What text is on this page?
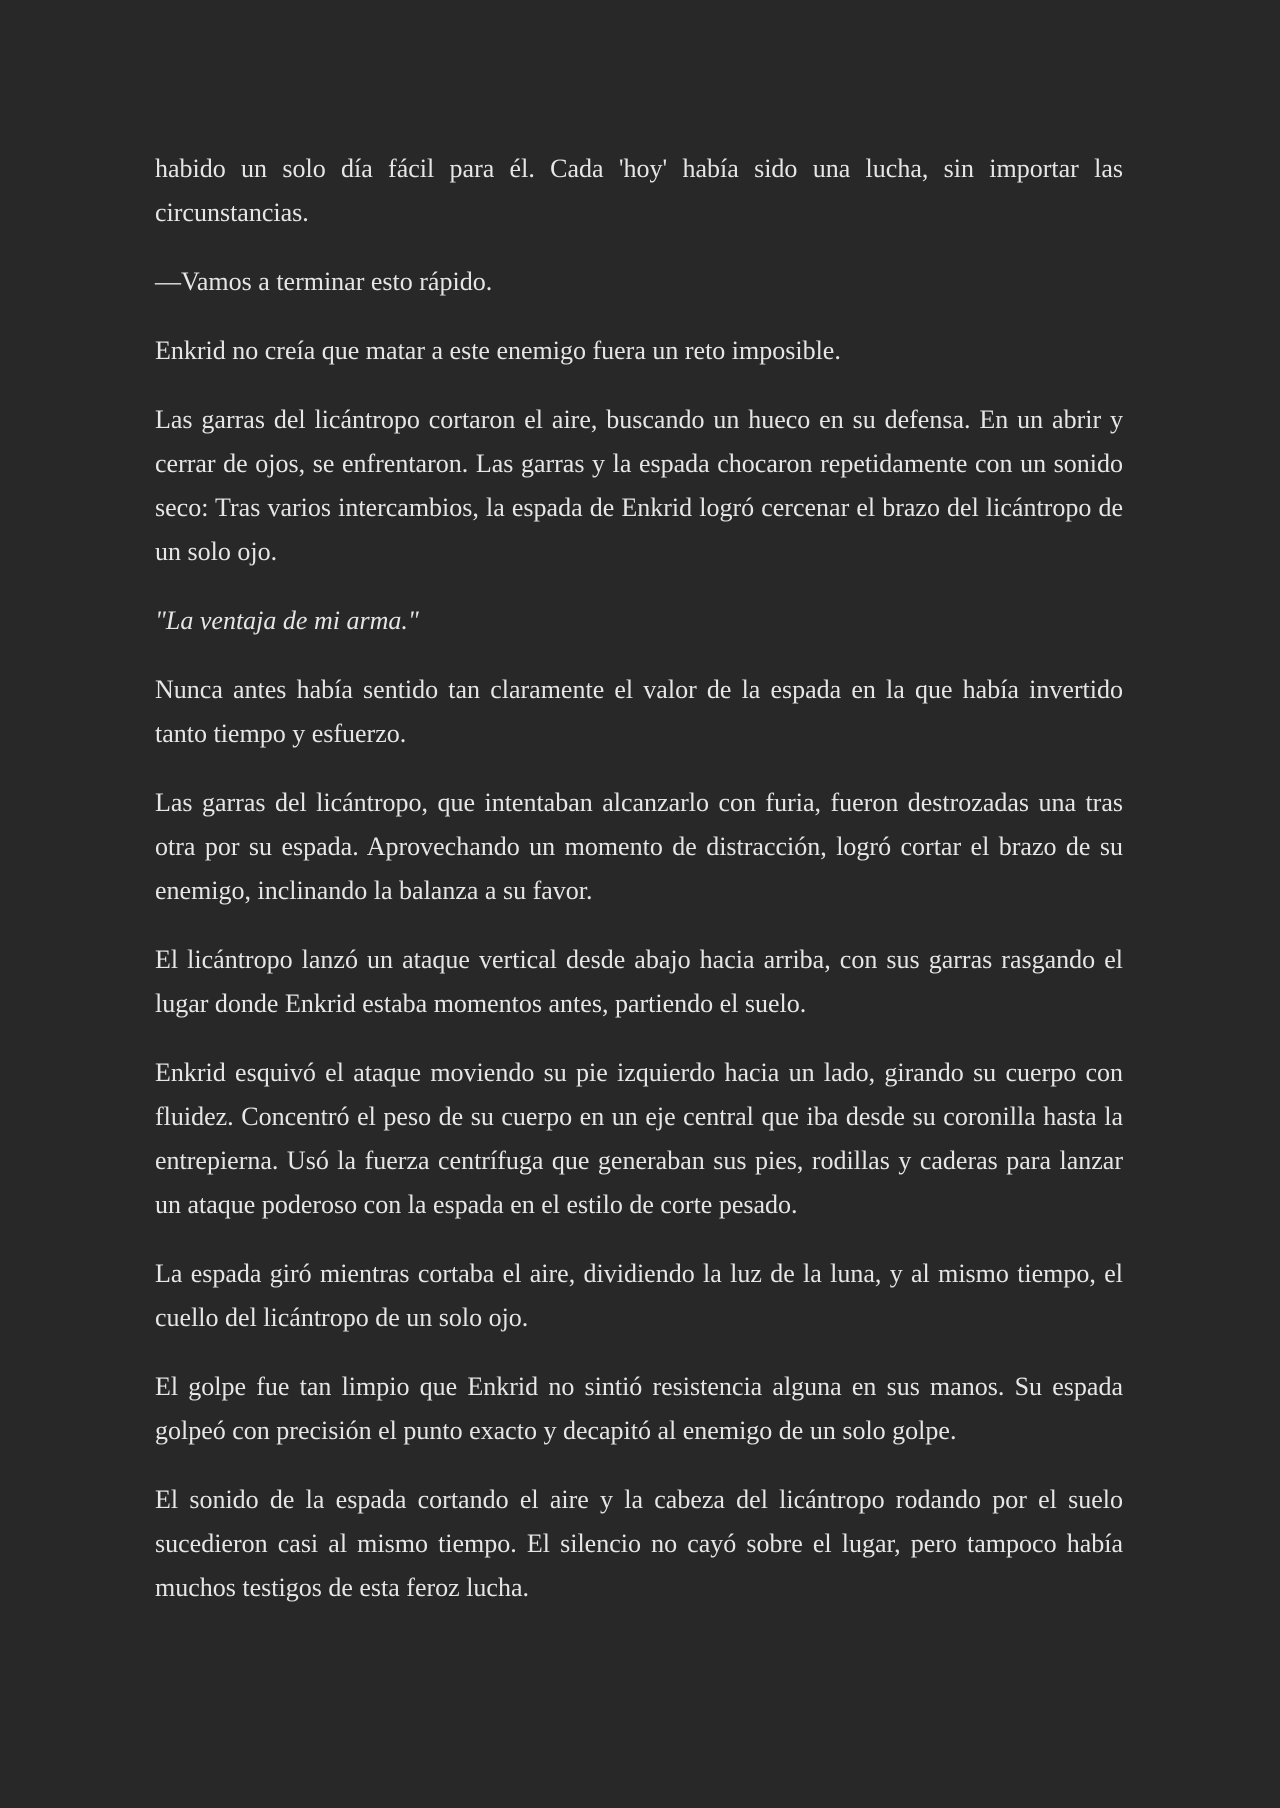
habido un solo día fácil para él. Cada 'hoy' había sido una lucha, sin importar las circunstancias.

—Vamos a terminar esto rápido.

Enkrid no creía que matar a este enemigo fuera un reto imposible.

Las garras del licántropo cortaron el aire, buscando un hueco en su defensa. En un abrir y cerrar de ojos, se enfrentaron. Las garras y la espada chocaron repetidamente con un sonido seco: Tras varios intercambios, la espada de Enkrid logró cercenar el brazo del licántropo de un solo ojo.

"La ventaja de mi arma."

Nunca antes había sentido tan claramente el valor de la espada en la que había invertido tanto tiempo y esfuerzo.

Las garras del licántropo, que intentaban alcanzarlo con furia, fueron destrozadas una tras otra por su espada. Aprovechando un momento de distracción, logró cortar el brazo de su enemigo, inclinando la balanza a su favor.

El licántropo lanzó un ataque vertical desde abajo hacia arriba, con sus garras rasgando el lugar donde Enkrid estaba momentos antes, partiendo el suelo.

Enkrid esquivó el ataque moviendo su pie izquierdo hacia un lado, girando su cuerpo con fluidez. Concentró el peso de su cuerpo en un eje central que iba desde su coronilla hasta la entrepierna. Usó la fuerza centrífuga que generaban sus pies, rodillas y caderas para lanzar un ataque poderoso con la espada en el estilo de corte pesado.

La espada giró mientras cortaba el aire, dividiendo la luz de la luna, y al mismo tiempo, el cuello del licántropo de un solo ojo.

El golpe fue tan limpio que Enkrid no sintió resistencia alguna en sus manos. Su espada golpeó con precisión el punto exacto y decapitó al enemigo de un solo golpe.

El sonido de la espada cortando el aire y la cabeza del licántropo rodando por el suelo sucedieron casi al mismo tiempo. El silencio no cayó sobre el lugar, pero tampoco había muchos testigos de esta feroz lucha.
